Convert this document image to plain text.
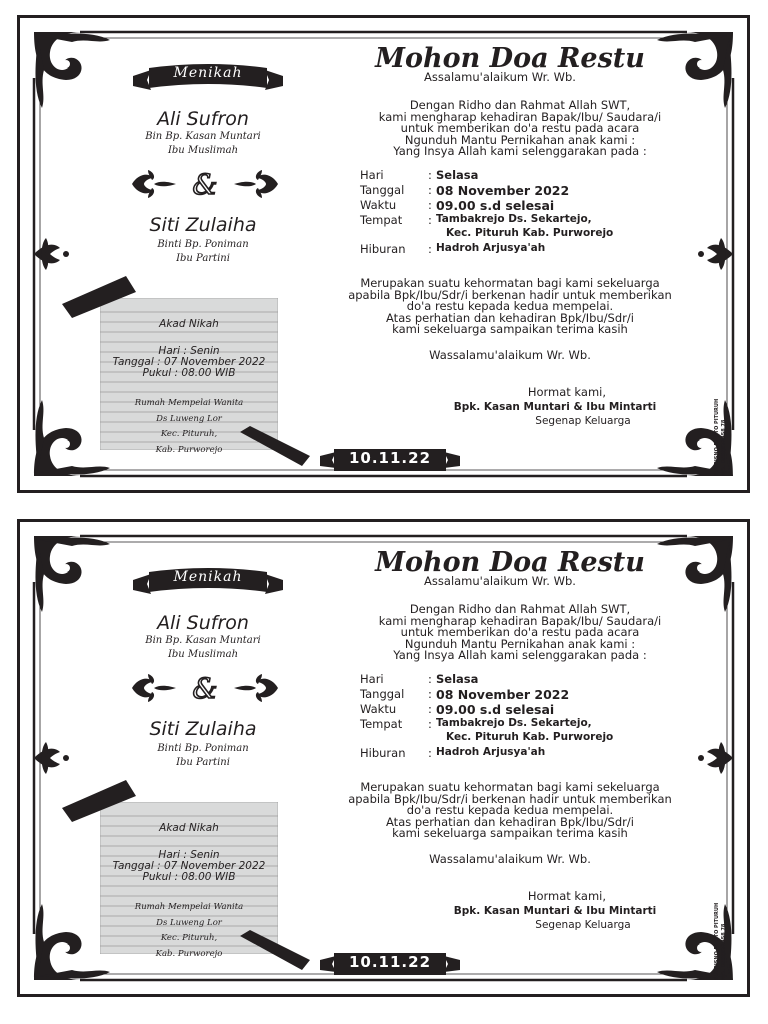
Menikah
Ali Sufron
Bin Bp. Kasan Muntari
Ibu Muslimah
&
Siti Zulaiha
Binti Bp. Poniman
Ibu Partini
Akad Nikah
Hari : Senin
Tanggal : 07 November 2022
Pukul : 08.00 WIB
Rumah Mempelai Wanita
Ds Luweng Lor
Kec. Pituruh,
Kab. Purworejo
Mohon Doa Restu
Assalamu'alaikum Wr. Wb.
Dengan Ridho dan Rahmat Allah SWT,
kami mengharap kehadiran Bapak/Ibu/ Saudara/i
untuk memberikan do'a restu pada acara
Ngunduh Mantu Pernikahan anak kami :
Yang Insya Allah kami selenggarakan pada :
Hari	: Selasa
Tanggal	: 08 November 2022
Waktu	: 09.00 s.d selesai
Tempat	: Tambakrejo Ds. Sekartejo,
Kec. Pituruh Kab. Purworejo
Hiburan	: Hadroh Arjusya'ah
Merupakan suatu kehormatan bagi kami sekeluarga
apabila Bpk/Ibu/Sdr/i berkenan hadir untuk memberikan
do'a restu kepada kedua mempelai.
Atas perhatian dan kehadiran Bpk/Ibu/Sdr/i
kami sekeluarga sampaikan terima kasih
Wassalamu'alaikum Wr. Wb.
Hormat kami,
Bpk. Kasan Muntari & Ibu Mintarti
Segenap Keluarga
10.11.22	SUTRISNO PHOTO PITURUH WA. 0858871358 78
Menikah
Ali Sufron
Bin Bp. Kasan Muntari
Ibu Muslimah
&
Siti Zulaiha
Binti Bp. Poniman
Ibu Partini
Akad Nikah
Hari : Senin
Tanggal : 07 November 2022
Pukul : 08.00 WIB
Rumah Mempelai Wanita
Ds Luweng Lor
Kec. Pituruh,
Kab. Purworejo
Mohon Doa Restu
Assalamu'alaikum Wr. Wb.
Dengan Ridho dan Rahmat Allah SWT,
kami mengharap kehadiran Bapak/Ibu/ Saudara/i
untuk memberikan do'a restu pada acara
Ngunduh Mantu Pernikahan anak kami :
Yang Insya Allah kami selenggarakan pada :
Hari	: Selasa
Tanggal	: 08 November 2022
Waktu	: 09.00 s.d selesai
Tempat	: Tambakrejo Ds. Sekartejo,
Kec. Pituruh Kab. Purworejo
Hiburan	: Hadroh Arjusya'ah
Merupakan suatu kehormatan bagi kami sekeluarga
apabila Bpk/Ibu/Sdr/i berkenan hadir untuk memberikan
do'a restu kepada kedua mempelai.
Atas perhatian dan kehadiran Bpk/Ibu/Sdr/i
kami sekeluarga sampaikan terima kasih
Wassalamu'alaikum Wr. Wb.
Hormat kami,
Bpk. Kasan Muntari & Ibu Mintarti
Segenap Keluarga
10.11.22	SUTRISNO PHOTO PITURUH WA. 0858871358 78
